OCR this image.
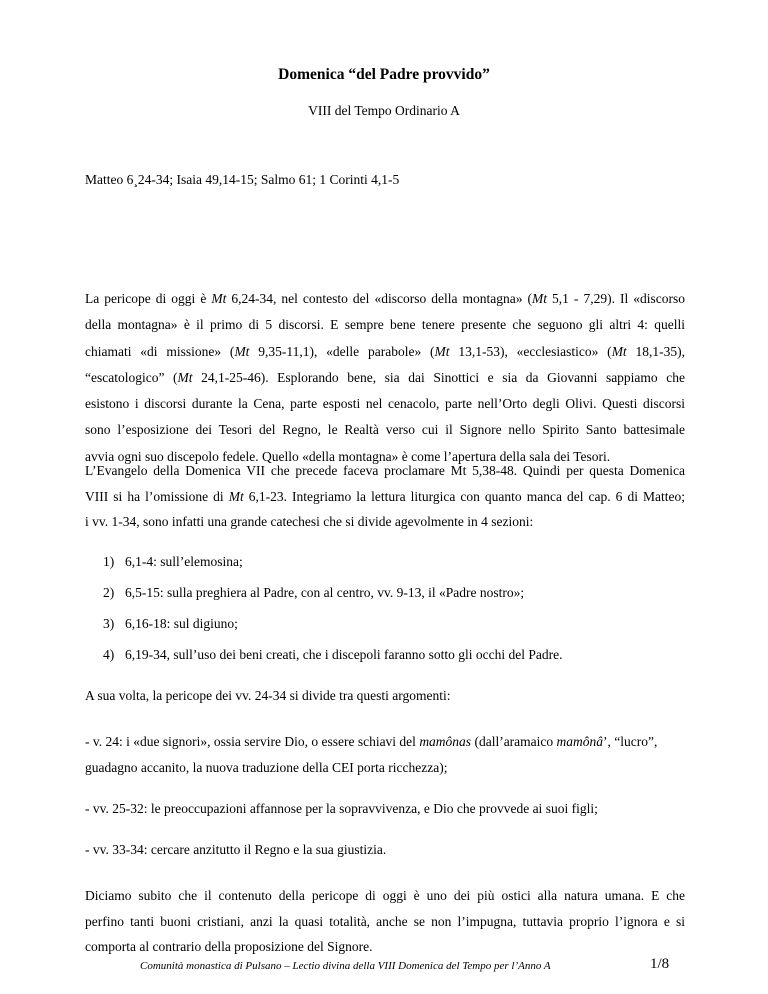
Domenica “del Padre provvido”
VIII del Tempo Ordinario A
Matteo 6¸24-34; Isaia 49,14-15; Salmo 61; 1 Corinti 4,1-5
La pericope di oggi è Mt 6,24-34, nel contesto del «discorso della montagna» (Mt 5,1 - 7,29). Il «discorso
della montagna» è il primo di 5 discorsi. E sempre bene tenere presente che seguono gli altri 4: quelli
chiamati «di missione» (Mt 9,35-11,1), «delle parabole» (Mt 13,1-53), «ecclesiastico» (Mt 18,1-35),
“escatologico” (Mt 24,1-25-46). Esplorando bene, sia dai Sinottici e sia da Giovanni sappiamo che
esistono i discorsi durante la Cena, parte esposti nel cenacolo, parte nell’Orto degli Olivi. Questi discorsi
sono l’esposizione dei Tesori del Regno, le Realtà verso cui il Signore nello Spirito Santo battesimale
avvia ogni suo discepolo fedele. Quello «della montagna» è come l’apertura della sala dei Tesori.
L’Evangelo della Domenica VII che precede faceva proclamare Mt 5,38-48. Quindi per questa Domenica
VIII si ha l’omissione di Mt 6,1-23. Integriamo la lettura liturgica con quanto manca del cap. 6 di Matteo;
i vv. 1-34, sono infatti una grande catechesi che si divide agevolmente in 4 sezioni:
1) 6,1-4: sull’elemosina;
2) 6,5-15: sulla preghiera al Padre, con al centro, vv. 9-13, il «Padre nostro»;
3) 6,16-18: sul digiuno;
4) 6,19-34, sull’uso dei beni creati, che i discepoli faranno sotto gli occhi del Padre.
A sua volta, la pericope dei vv. 24-34 si divide tra questi argomenti:
- v. 24: i «due signori», ossia servire Dio, o essere schiavi del mamônas (dall’aramaico mamônâ’, “lucro”,
guadagno accanito, la nuova traduzione della CEI porta ricchezza);
- vv. 25-32: le preoccupazioni affannose per la sopravvivenza, e Dio che provvede ai suoi figli;
- vv. 33-34: cercare anzitutto il Regno e la sua giustizia.
Diciamo subito che il contenuto della pericope di oggi è uno dei più ostici alla natura umana. E che
perfino tanti buoni cristiani, anzi la quasi totalità, anche se non l’impugna, tuttavia proprio l’ignora e si
comporta al contrario della proposizione del Signore.
Comunità monastica di Pulsano – Lectio divina della VIII Domenica del Tempo per l’Anno A	1/8
